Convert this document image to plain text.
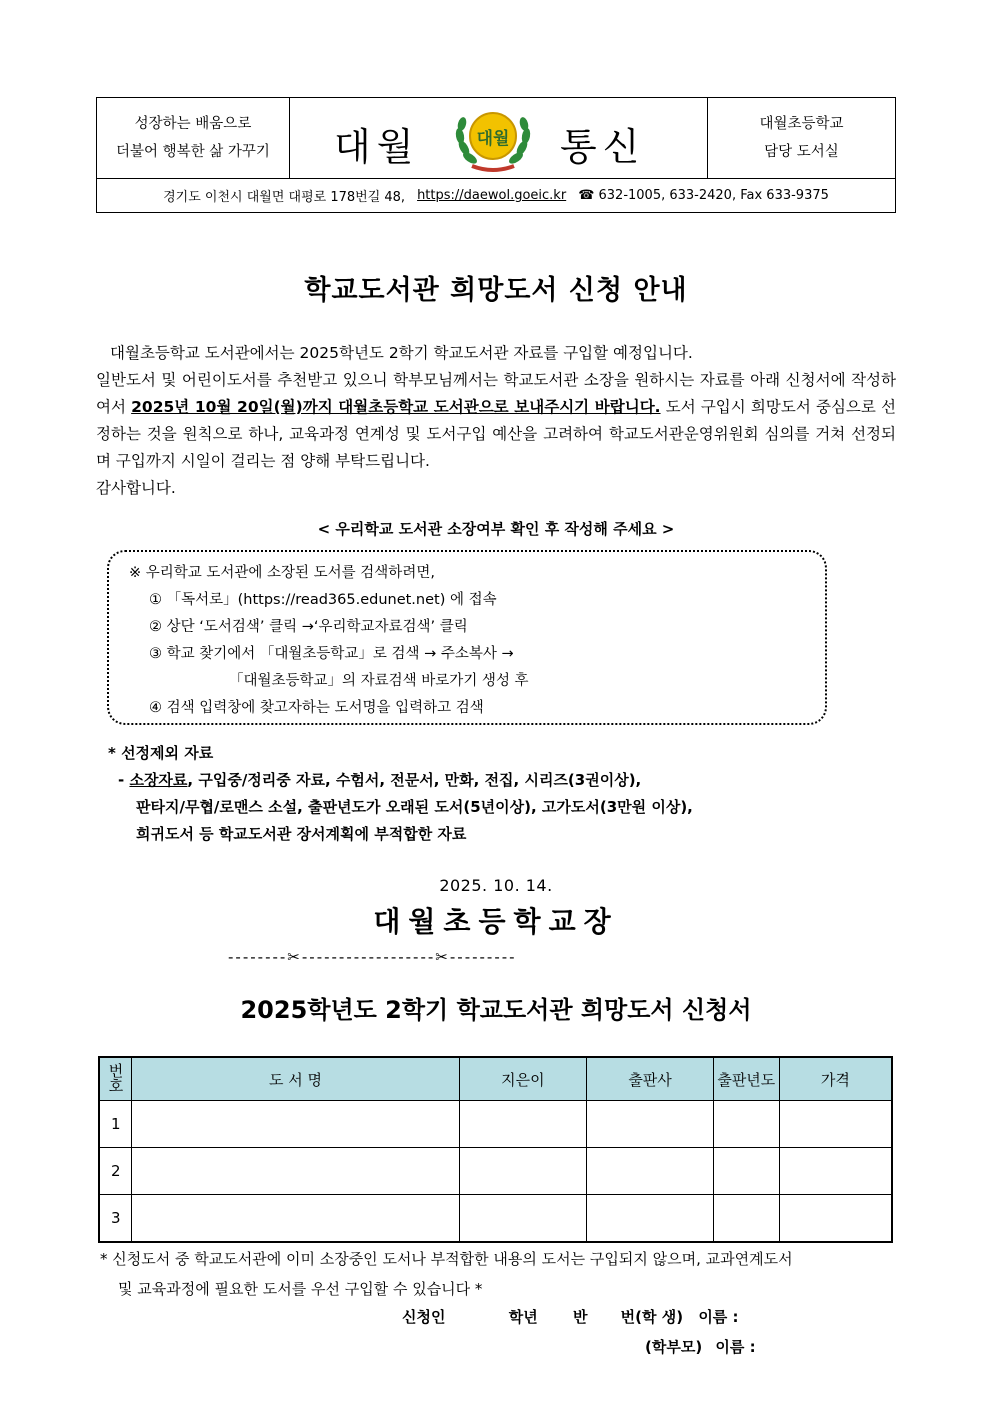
성장하는 배움으로
더불어 행복한 삶 가꾸기 대월	대월 통신
대월초등학교
담당 도서실
경기도 이천시 대월면 대평로 178번길 48, https://daewol.goeic.kr ☎ 632-1005, 633-2420, Fax 633-9375
학교도서관 희망도서 신청 안내

대월초등학교 도서관에서는 2025학년도 2학기 학교도서관 자료를 구입할 예정입니다.

일반도서 및 어린이도서를 추천받고 있으니 학부모님께서는 학교도서관 소장을 원하시는 자료를 아래 신청서에 작성하여서 2025년 10월 20일(월)까지 대월초등학교 도서관으로 보내주시기 바랍니다. 도서 구입시 희망도서 중심으로 선정하는 것을 원칙으로 하나, 교육과정 연계성 및 도서구입 예산을 고려하여 학교도서관운영위원회 심의를 거쳐 선정되며 구입까지 시일이 걸리는 점 양해 부탁드립니다.

감사합니다.

< 우리학교 도서관 소장여부 확인 후 작성해 주세요 >
※ 우리학교 도서관에 소장된 도서를 검색하려면,
① 「독서로」(https://read365.edunet.net) 에 접속
② 상단 ‘도서검색’ 클릭 →‘우리학교자료검색’ 클릭
③ 학교 찾기에서 「대월초등학교」로 검색 → 주소복사 →
「대월초등학교」의 자료검색 바로가기 생성 후
④ 검색 입력창에 찾고자하는 도서명을 입력하고 검색
* 선정제외 자료
- 소장자료, 구입중/정리중 자료, 수험서, 전문서, 만화, 전집, 시리즈(3권이상),
판타지/무협/로맨스 소설, 출판년도가 오래된 도서(5년이상), 고가도서(3만원 이상),
희귀도서 등 학교도서관 장서계획에 부적합한 자료
2025. 10. 14.
대월초등학교장
--------✂------------------✂---------
2025학년도 2학기 학교도서관 희망도서 신청서
번호	도 서 명	지은이	출판사	출판년도	가격
1					
2					
3					
* 신청도서 중 학교도서관에 이미 소장중인 도서나 부적합한 내용의 도서는 구입되지 않으며, 교과연계도서
및 교육과정에 필요한 도서를 우선 구입할 수 있습니다 *
신청인	학년 반 번(학 생) 이름 :
(학부모) 이름 :
